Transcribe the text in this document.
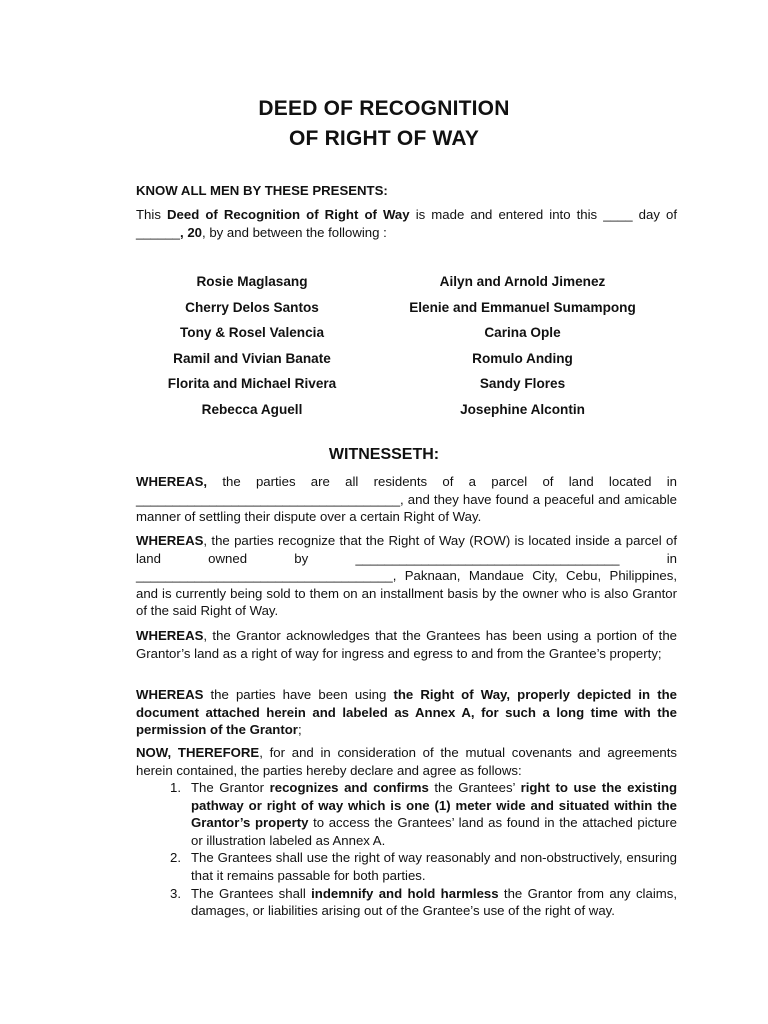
DEED OF RECOGNITION
OF RIGHT OF WAY
KNOW ALL MEN BY THESE PRESENTS:
This Deed of Recognition of Right of Way is made and entered into this ____ day of ______, 20, by and between the following :
Rosie Maglasang	Ailyn and Arnold Jimenez
Cherry Delos Santos	Elenie and Emmanuel Sumampong
Tony & Rosel Valencia	Carina Ople
Ramil and Vivian Banate	Romulo Anding
Florita and Michael Rivera	Sandy Flores
Rebecca Aguell	Josephine Alcontin
WITNESSETH:
WHEREAS, the parties are all residents of a parcel of land located in ____________________________________, and they have found a peaceful and amicable manner of settling their dispute over a certain Right of Way.
WHEREAS, the parties recognize that the Right of Way (ROW) is located inside a parcel of land owned by ____________________________________ in ___________________________________, Paknaan, Mandaue City, Cebu, Philippines, and is currently being sold to them on an installment basis by the owner who is also Grantor of the said Right of Way.
WHEREAS, the Grantor acknowledges that the Grantees has been using a portion of the Grantor’s land as a right of way for ingress and egress to and from the Grantee’s property;
WHEREAS the parties have been using the Right of Way, properly depicted in the document attached herein and labeled as Annex A, for such a long time with the permission of the Grantor;
NOW, THEREFORE, for and in consideration of the mutual covenants and agreements herein contained, the parties hereby declare and agree as follows:
1. The Grantor recognizes and confirms the Grantees’ right to use the existing pathway or right of way which is one (1) meter wide and situated within the Grantor’s property to access the Grantees’ land as found in the attached picture or illustration labeled as Annex A.
2. The Grantees shall use the right of way reasonably and non-obstructively, ensuring that it remains passable for both parties.
3. The Grantees shall indemnify and hold harmless the Grantor from any claims, damages, or liabilities arising out of the Grantee’s use of the right of way.
